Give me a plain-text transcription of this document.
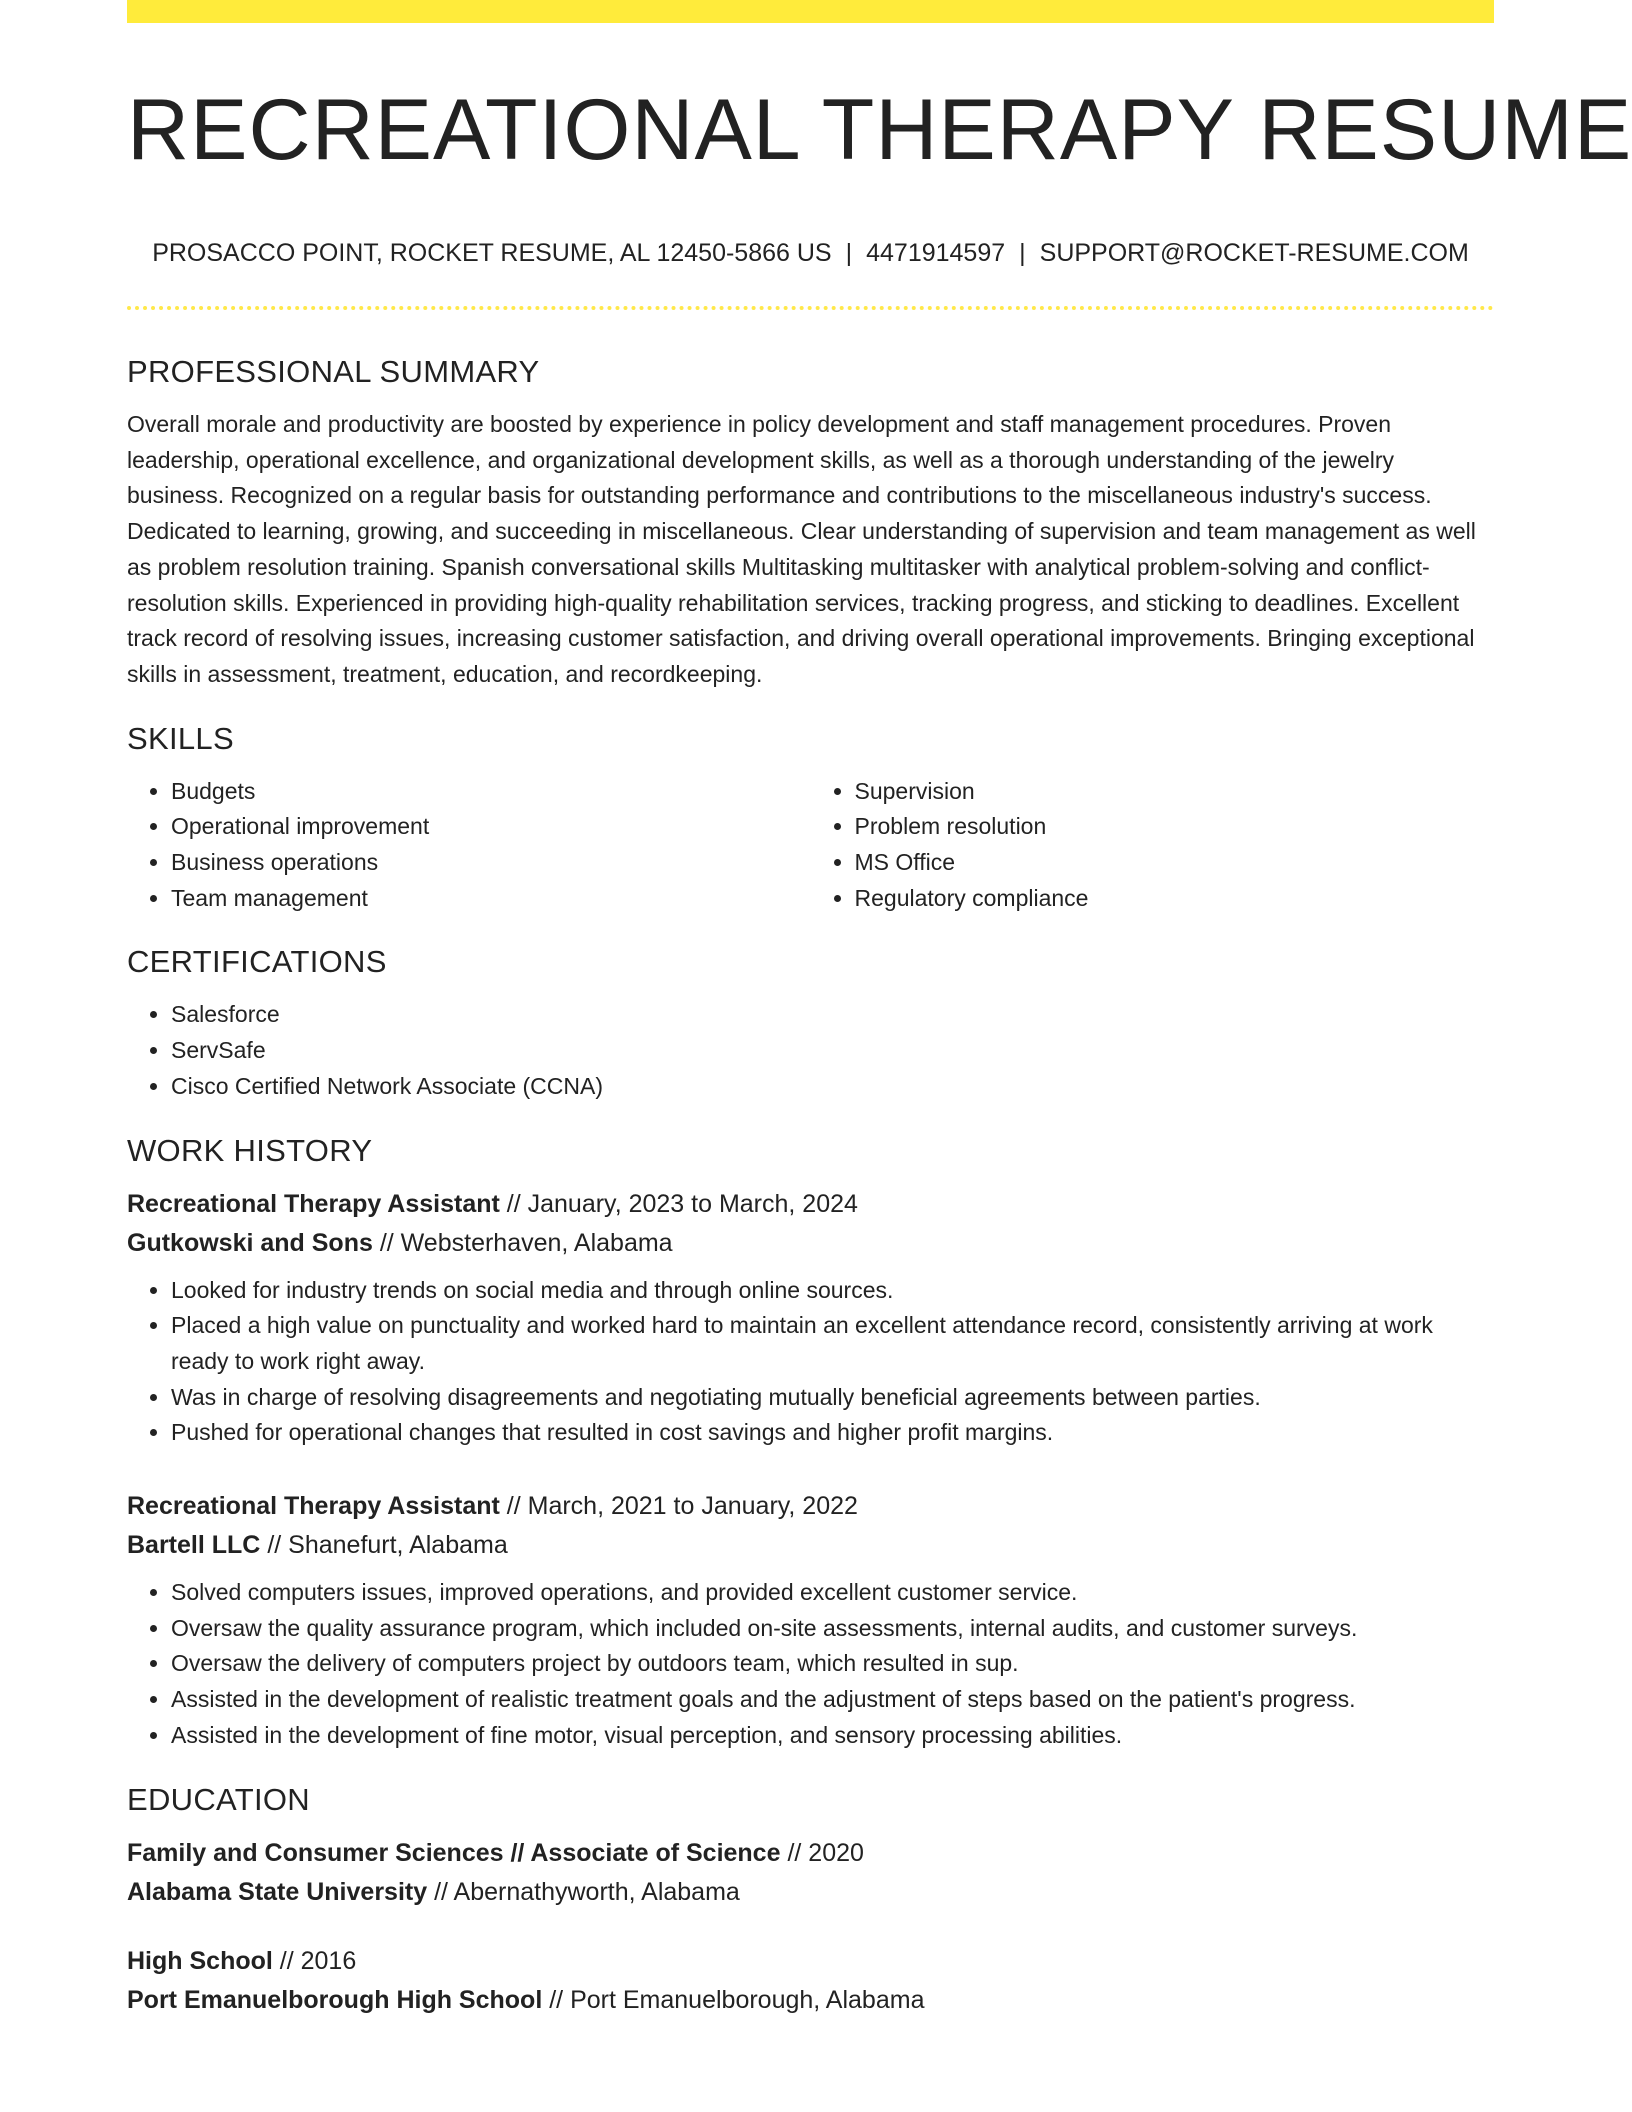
RECREATIONAL THERAPY RESUME
PROSACCO POINT, ROCKET RESUME, AL 12450-5866 US | 4471914597 | SUPPORT@ROCKET-RESUME.COM
PROFESSIONAL SUMMARY

Overall morale and productivity are boosted by experience in policy development and staff management procedures. Proven leadership, operational excellence, and organizational development skills, as well as a thorough understanding of the jewelry business. Recognized on a regular basis for outstanding performance and contributions to the miscellaneous industry's success. Dedicated to learning, growing, and succeeding in miscellaneous. Clear understanding of supervision and team management as well as problem resolution training. Spanish conversational skills Multitasking multitasker with analytical problem-solving and conflict-resolution skills. Experienced in providing high-quality rehabilitation services, tracking progress, and sticking to deadlines. Excellent track record of resolving issues, increasing customer satisfaction, and driving overall operational improvements. Bringing exceptional skills in assessment, treatment, education, and recordkeeping.

SKILLS
• Budgets
• Operational improvement
• Business operations
• Team management
• Supervision
• Problem resolution
• MS Office
• Regulatory compliance
CERTIFICATIONS
• Salesforce
• ServSafe
• Cisco Certified Network Associate (CCNA)
WORK HISTORY
Recreational Therapy Assistant // January, 2023 to March, 2024
Gutkowski and Sons // Websterhaven, Alabama
• Looked for industry trends on social media and through online sources.
• Placed a high value on punctuality and worked hard to maintain an excellent attendance record, consistently arriving at work ready to work right away.
• Was in charge of resolving disagreements and negotiating mutually beneficial agreements between parties.
• Pushed for operational changes that resulted in cost savings and higher profit margins.
Recreational Therapy Assistant // March, 2021 to January, 2022
Bartell LLC // Shanefurt, Alabama
• Solved computers issues, improved operations, and provided excellent customer service.
• Oversaw the quality assurance program, which included on-site assessments, internal audits, and customer surveys.
• Oversaw the delivery of computers project by outdoors team, which resulted in sup.
• Assisted in the development of realistic treatment goals and the adjustment of steps based on the patient's progress.
• Assisted in the development of fine motor, visual perception, and sensory processing abilities.
EDUCATION
Family and Consumer Sciences // Associate of Science // 2020
Alabama State University // Abernathyworth, Alabama
High School // 2016
Port Emanuelborough High School // Port Emanuelborough, Alabama
